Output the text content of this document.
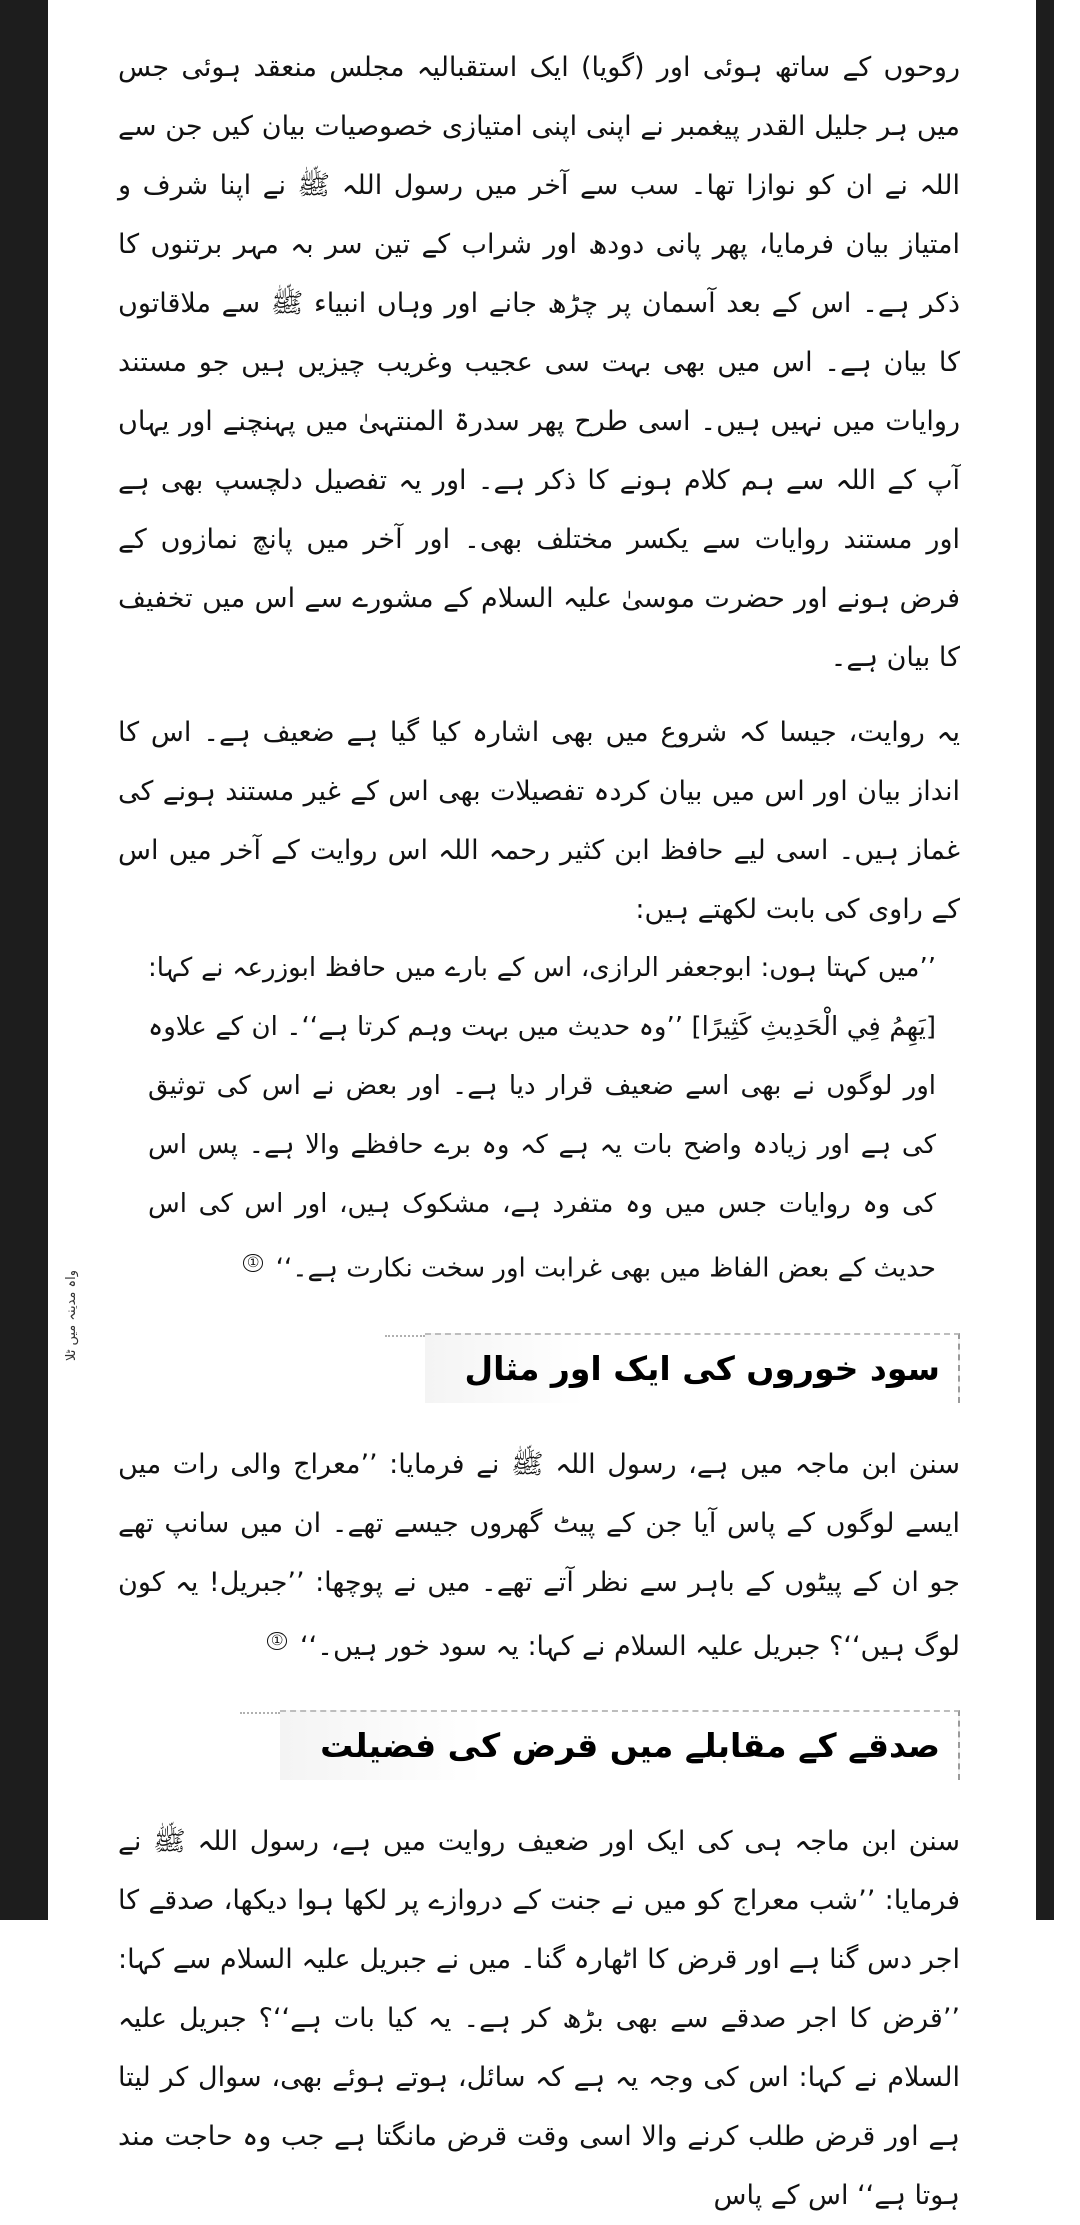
روحوں کے ساتھ ہوئی اور (گویا) ایک استقبالیہ مجلس منعقد ہوئی جس میں ہر جلیل القدر پیغمبر نے اپنی اپنی امتیازی خصوصیات بیان کیں جن سے اللہ نے ان کو نوازا تھا۔ سب سے آخر میں رسول اللہ ﷺ نے اپنا شرف و امتیاز بیان فرمایا، پھر پانی دودھ اور شراب کے تین سر بہ مہر برتنوں کا ذکر ہے۔ اس کے بعد آسمان پر چڑھ جانے اور وہاں انبیاء ﷺ سے ملاقاتوں کا بیان ہے۔ اس میں بھی بہت سی عجیب وغریب چیزیں ہیں جو مستند روایات میں نہیں ہیں۔ اسی طرح پھر سدرۃ المنتہیٰ میں پہنچنے اور یہاں آپ کے اللہ سے ہم کلام ہونے کا ذکر ہے۔ اور یہ تفصیل دلچسپ بھی ہے اور مستند روایات سے یکسر مختلف بھی۔ اور آخر میں پانچ نمازوں کے فرض ہونے اور حضرت موسیٰ علیہ السلام کے مشورے سے اس میں تخفیف کا بیان ہے۔

یہ روایت، جیسا کہ شروع میں بھی اشارہ کیا گیا ہے ضعیف ہے۔ اس کا انداز بیان اور اس میں بیان کردہ تفصیلات بھی اس کے غیر مستند ہونے کی غماز ہیں۔ اسی لیے حافظ ابن کثیر رحمہ اللہ اس روایت کے آخر میں اس کے راوی کی بابت لکھتے ہیں:

’’میں کہتا ہوں: ابوجعفر الرازی، اس کے بارے میں حافظ ابوزرعہ نے کہا: [يَهِمُ فِي الْحَدِيثِ كَثِيرًا] ’’وہ حدیث میں بہت وہم کرتا ہے‘‘۔ ان کے علاوہ اور لوگوں نے بھی اسے ضعیف قرار دیا ہے۔ اور بعض نے اس کی توثیق کی ہے اور زیادہ واضح بات یہ ہے کہ وہ برے حافظے والا ہے۔ پس اس کی وہ روایات جس میں وہ متفرد ہے، مشکوک ہیں، اور اس کی اس حدیث کے بعض الفاظ میں بھی غرابت اور سخت نکارت ہے۔‘‘ ①

سود خوروں کی ایک اور مثال

سنن ابن ماجہ میں ہے، رسول اللہ ﷺ نے فرمایا: ’’معراج والی رات میں ایسے لوگوں کے پاس آیا جن کے پیٹ گھروں جیسے تھے۔ ان میں سانپ تھے جو ان کے پیٹوں کے باہر سے نظر آتے تھے۔ میں نے پوچھا: ’’جبریل! یہ کون لوگ ہیں‘‘؟ جبریل علیہ السلام نے کہا: یہ سود خور ہیں۔‘‘ ①

صدقے کے مقابلے میں قرض کی فضیلت

سنن ابن ماجہ ہی کی ایک اور ضعیف روایت میں ہے، رسول اللہ ﷺ نے فرمایا: ’’شب معراج کو میں نے جنت کے دروازے پر لکھا ہوا دیکھا، صدقے کا اجر دس گنا ہے اور قرض کا اٹھارہ گنا۔ میں نے جبریل علیہ السلام سے کہا: ’’قرض کا اجر صدقے سے بھی بڑھ کر ہے۔ یہ کیا بات ہے‘‘؟ جبریل علیہ السلام نے کہا: اس کی وجہ یہ ہے کہ سائل، ہوتے ہوئے بھی، سوال کر لیتا ہے اور قرض طلب کرنے والا اسی وقت قرض مانگتا ہے جب وہ حاجت مند ہوتا ہے‘‘ اس کے پاس

واہ مدینہ میں ٹلا
